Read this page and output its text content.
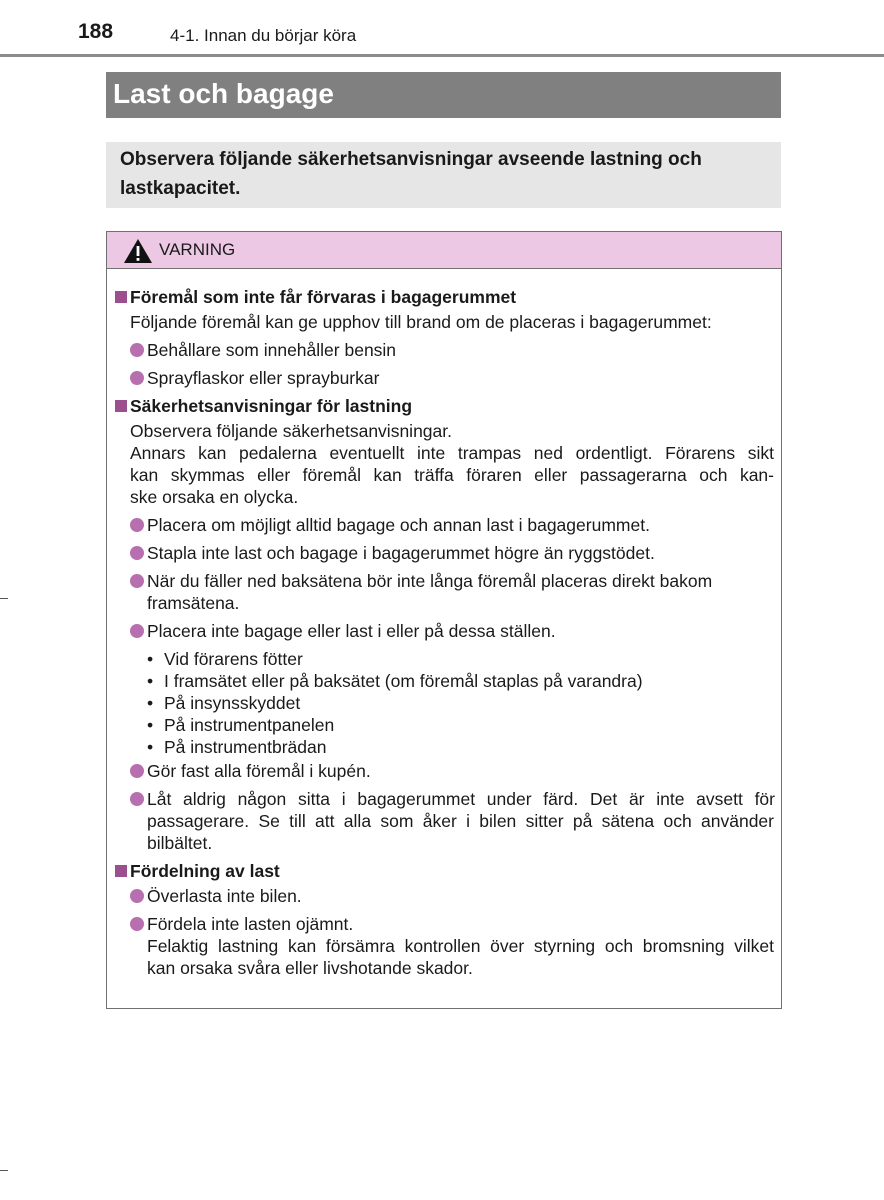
188	4-1. Innan du börjar köra
Last och bagage
Observera följande säkerhetsanvisningar avseende lastning och
lastkapacitet.
VARNING
Föremål som inte får förvaras i bagagerummet
Följande föremål kan ge upphov till brand om de placeras i bagagerummet:
Behållare som innehåller bensin
Sprayflaskor eller sprayburkar
Säkerhetsanvisningar för lastning
Observera följande säkerhetsanvisningar.
Annars kan pedalerna eventuellt inte trampas ned ordentligt. Förarens sikt
kan skymmas eller föremål kan träffa föraren eller passagerarna och kan-
ske orsaka en olycka.
Placera om möjligt alltid bagage och annan last i bagagerummet.
Stapla inte last och bagage i bagagerummet högre än ryggstödet.
När du fäller ned baksätena bör inte långa föremål placeras direkt bakom
framsätena.
Placera inte bagage eller last i eller på dessa ställen.
• Vid förarens fötter
• I framsätet eller på baksätet (om föremål staplas på varandra)
• På insynsskyddet
• På instrumentpanelen
• På instrumentbrädan
Gör fast alla föremål i kupén.
Låt aldrig någon sitta i bagagerummet under färd. Det är inte avsett för
passagerare. Se till att alla som åker i bilen sitter på sätena och använder
bilbältet.
Fördelning av last
Överlasta inte bilen.
Fördela inte lasten ojämnt.
Felaktig lastning kan försämra kontrollen över styrning och bromsning vilket
kan orsaka svåra eller livshotande skador.
